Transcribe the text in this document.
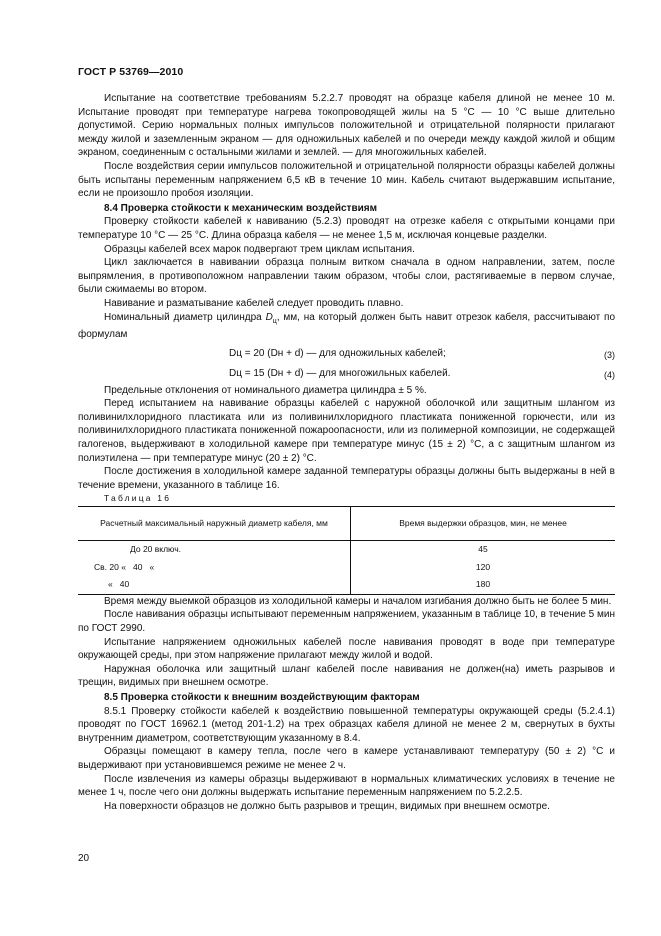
ГОСТ Р 53769—2010

Испытание на соответствие требованиям 5.2.2.7 проводят на образце кабеля длиной не менее 10 м. Испытание проводят при температуре нагрева токопроводящей жилы на 5 °С — 10 °С выше длительно допустимой. Серию нормальных полных импульсов положительной и отрицательной полярности прилагают между жилой и заземленным экраном — для одножильных кабелей и по очереди между каждой жилой и общим экраном, соединенным с остальными жилами и землей. — для многожильных кабелей.

После воздействия серии импульсов положительной и отрицательной полярности образцы кабелей должны быть испытаны переменным напряжением 6,5 кВ в течение 10 мин. Кабель считают выдержавшим испытание, если не произошло пробоя изоляции.

8.4 Проверка стойкости к механическим воздействиям

Проверку стойкости кабелей к навиванию (5.2.3) проводят на отрезке кабеля с открытыми концами при температуре 10 °С — 25 °С. Длина образца кабеля — не менее 1,5 м, исключая концевые разделки.

Образцы кабелей всех марок подвергают трем циклам испытания.

Цикл заключается в навивании образца полным витком сначала в одном направлении, затем, после выпрямления, в противоположном направлении таким образом, чтобы слои, растягиваемые в первом случае, были сжимаемы во втором.

Навивание и разматывание кабелей следует проводить плавно.

Номинальный диаметр цилиндра $D_ц$, мм, на который должен быть навит отрезок кабеля, рассчитывают по формулам

Dц = 20 (Dн + d) — для одножильных кабелей;	(3)
Dц = 15 (Dн + d) — для многожильных кабелей.	(4)

Предельные отклонения от номинального диаметра цилиндра ± 5 %.

Перед испытанием на навивание образцы кабелей с наружной оболочкой или защитным шлангом из поливинилхлоридного пластиката или из поливинилхлоридного пластиката пониженной горючести, или из поливинилхлоридного пластиката пониженной пожароопасности, или из полимерной композиции, не содержащей галогенов, выдерживают в холодильной камере при температуре минус (15 ± 2) °С, а с защитным шлангом из полиэтилена — при температуре минус (20 ± 2) °С.

После достижения в холодильной камере заданной температуры образцы должны быть выдержаны в ней в течение времени, указанного в таблице 16.

Таблица 16

Расчетный максимальный наружный диаметр кабеля, мм	Время выдержки образцов, мин, не менее
До 20 включ.	45
Св. 20 «   40   «	120
«   40	180

Время между выемкой образцов из холодильной камеры и началом изгибания должно быть не более 5 мин.

После навивания образцы испытывают переменным напряжением, указанным в таблице 10, в течение 5 мин по ГОСТ 2990.

Испытание напряжением одножильных кабелей после навивания проводят в воде при температуре окружающей среды, при этом напряжение прилагают между жилой и водой.

Наружная оболочка или защитный шланг кабелей после навивания не должен(на) иметь разрывов и трещин, видимых при внешнем осмотре.

8.5 Проверка стойкости к внешним воздействующим факторам

8.5.1 Проверку стойкости кабелей к воздействию повышенной температуры окружающей среды (5.2.4.1) проводят по ГОСТ 16962.1 (метод 201-1.2) на трех образцах кабеля длиной не менее 2 м, свернутых в бухты внутренним диаметром, соответствующим указанному в 8.4.

Образцы помещают в камеру тепла, после чего в камере устанавливают температуру (50 ± 2) °С и выдерживают при установившемся режиме не менее 2 ч.

После извлечения из камеры образцы выдерживают в нормальных климатических условиях в течение не менее 1 ч, после чего они должны выдержать испытание переменным напряжением по 5.2.2.5.

На поверхности образцов не должно быть разрывов и трещин, видимых при внешнем осмотре.

20
